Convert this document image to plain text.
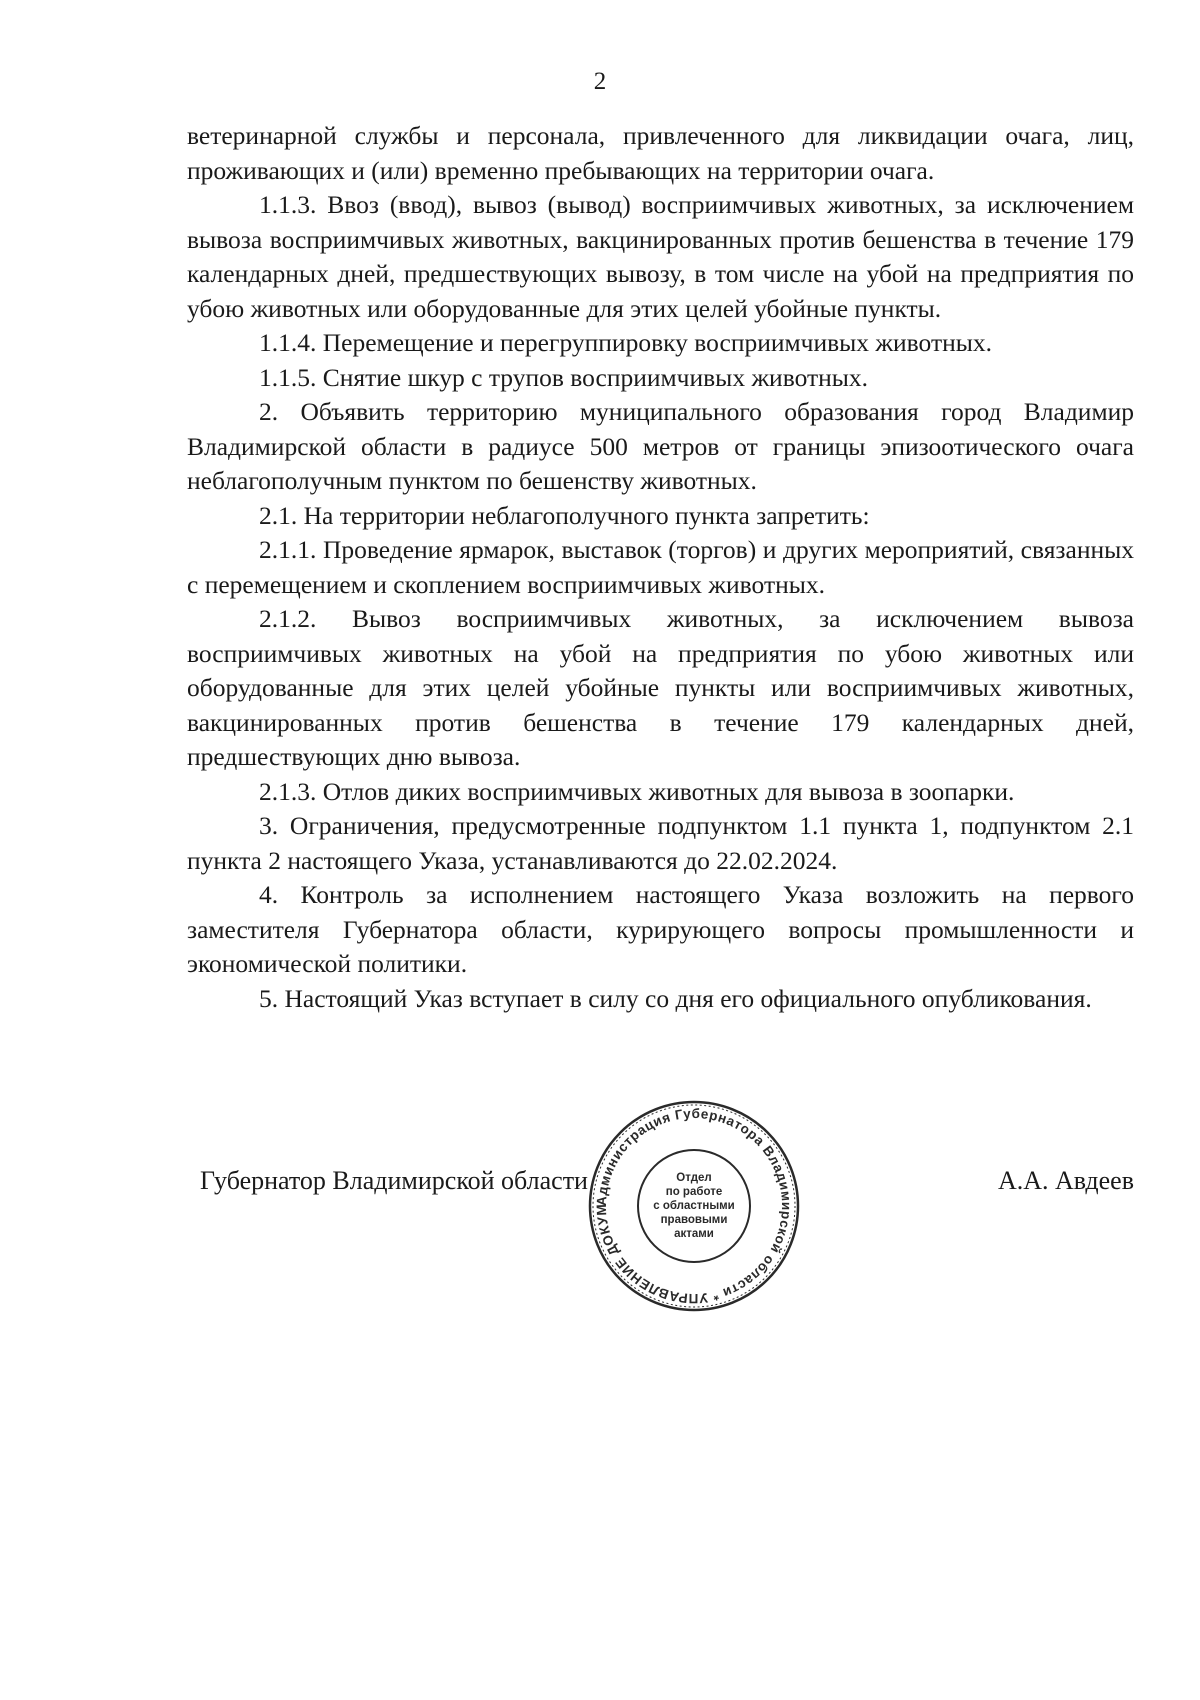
2

ветеринарной службы и персонала, привлеченного для ликвидации очага, лиц, проживающих и (или) временно пребывающих на территории очага.

1.1.3. Ввоз (ввод), вывоз (вывод) восприимчивых животных, за исключением вывоза восприимчивых животных, вакцинированных против бешенства в течение 179 календарных дней, предшествующих вывозу, в том числе на убой на предприятия по убою животных или оборудованные для этих целей убойные пункты.

1.1.4. Перемещение и перегруппировку восприимчивых животных.

1.1.5. Снятие шкур с трупов восприимчивых животных.

2. Объявить территорию муниципального образования город Владимир Владимирской области в радиусе 500 метров от границы эпизоотического очага неблагополучным пунктом по бешенству животных.

2.1. На территории неблагополучного пункта запретить:

2.1.1. Проведение ярмарок, выставок (торгов) и других мероприятий, связанных с перемещением и скоплением восприимчивых животных.

2.1.2. Вывоз восприимчивых животных, за исключением вывоза восприимчивых животных на убой на предприятия по убою животных или оборудованные для этих целей убойные пункты или восприимчивых животных, вакцинированных против бешенства в течение 179 календарных дней, предшествующих дню вывоза.

2.1.3. Отлов диких восприимчивых животных для вывоза в зоопарки.

3. Ограничения, предусмотренные подпунктом 1.1 пункта 1, подпунктом 2.1 пункта 2 настоящего Указа, устанавливаются до 22.02.2024.

4. Контроль за исполнением настоящего Указа возложить на первого заместителя Губернатора области, курирующего вопросы промышленности и экономической политики.

5. Настоящий Указ вступает в силу со дня его официального опубликования.

Губернатор Владимирской области	А.А. Авдеев
Администрация Губернатора Владимирской области * УПРАВЛЕНИЕ ДОКУМ
Отдел
по работе
с областными
правовыми
актами
